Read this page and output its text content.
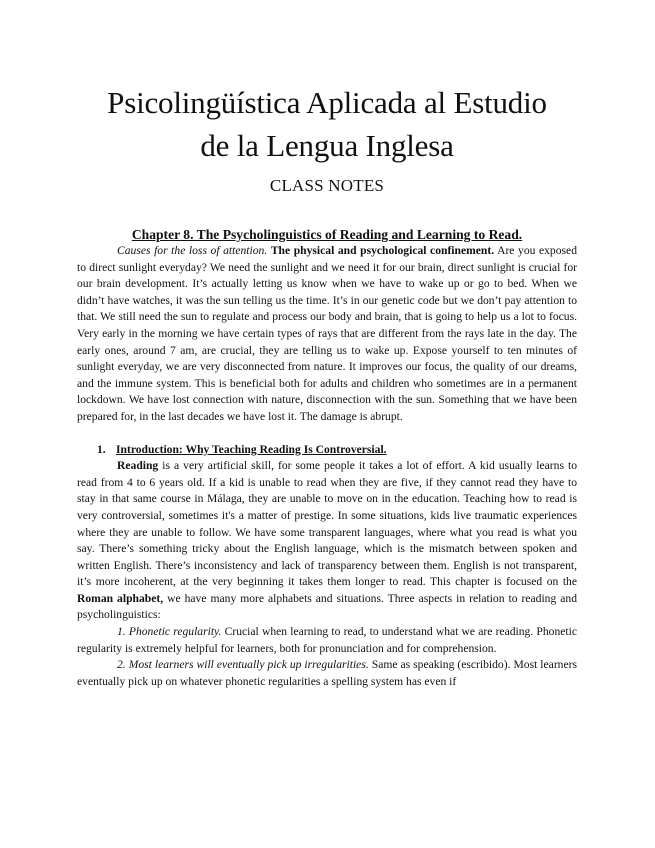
Psicolingüística Aplicada al Estudio
de la Lengua Inglesa
CLASS NOTES
Chapter 8. The Psycholinguistics of Reading and Learning to Read.

Causes for the loss of attention. The physical and psychological confinement. Are you exposed to direct sunlight everyday? We need the sunlight and we need it for our brain, direct sunlight is crucial for our brain development. It’s actually letting us know when we have to wake up or go to bed. When we didn’t have watches, it was the sun telling us the time. It’s in our genetic code but we don’t pay attention to that. We still need the sun to regulate and process our body and brain, that is going to help us a lot to focus. Very early in the morning we have certain types of rays that are different from the rays late in the day. The early ones, around 7 am, are crucial, they are telling us to wake up. Expose yourself to ten minutes of sunlight everyday, we are very disconnected from nature. It improves our focus, the quality of our dreams, and the immune system. This is beneficial both for adults and children who sometimes are in a permanent lockdown. We have lost connection with nature, disconnection with the sun. Something that we have been prepared for, in the last decades we have lost it. The damage is abrupt.

1. Introduction: Why Teaching Reading Is Controversial.

Reading is a very artificial skill, for some people it takes a lot of effort. A kid usually learns to read from 4 to 6 years old. If a kid is unable to read when they are five, if they cannot read they have to stay in that same course in Málaga, they are unable to move on in the education. Teaching how to read is very controversial, sometimes it's a matter of prestige. In some situations, kids live traumatic experiences where they are unable to follow. We have some transparent languages, where what you read is what you say. There’s something tricky about the English language, which is the mismatch between spoken and written English. There’s inconsistency and lack of transparency between them. English is not transparent, it’s more incoherent, at the very beginning it takes them longer to read. This chapter is focused on the Roman alphabet, we have many more alphabets and situations. Three aspects in relation to reading and psycholinguistics:

1. Phonetic regularity. Crucial when learning to read, to understand what we are reading. Phonetic regularity is extremely helpful for learners, both for pronunciation and for comprehension.

2. Most learners will eventually pick up irregularities. Same as speaking (escribido). Most learners eventually pick up on whatever phonetic regularities a spelling system has even if
